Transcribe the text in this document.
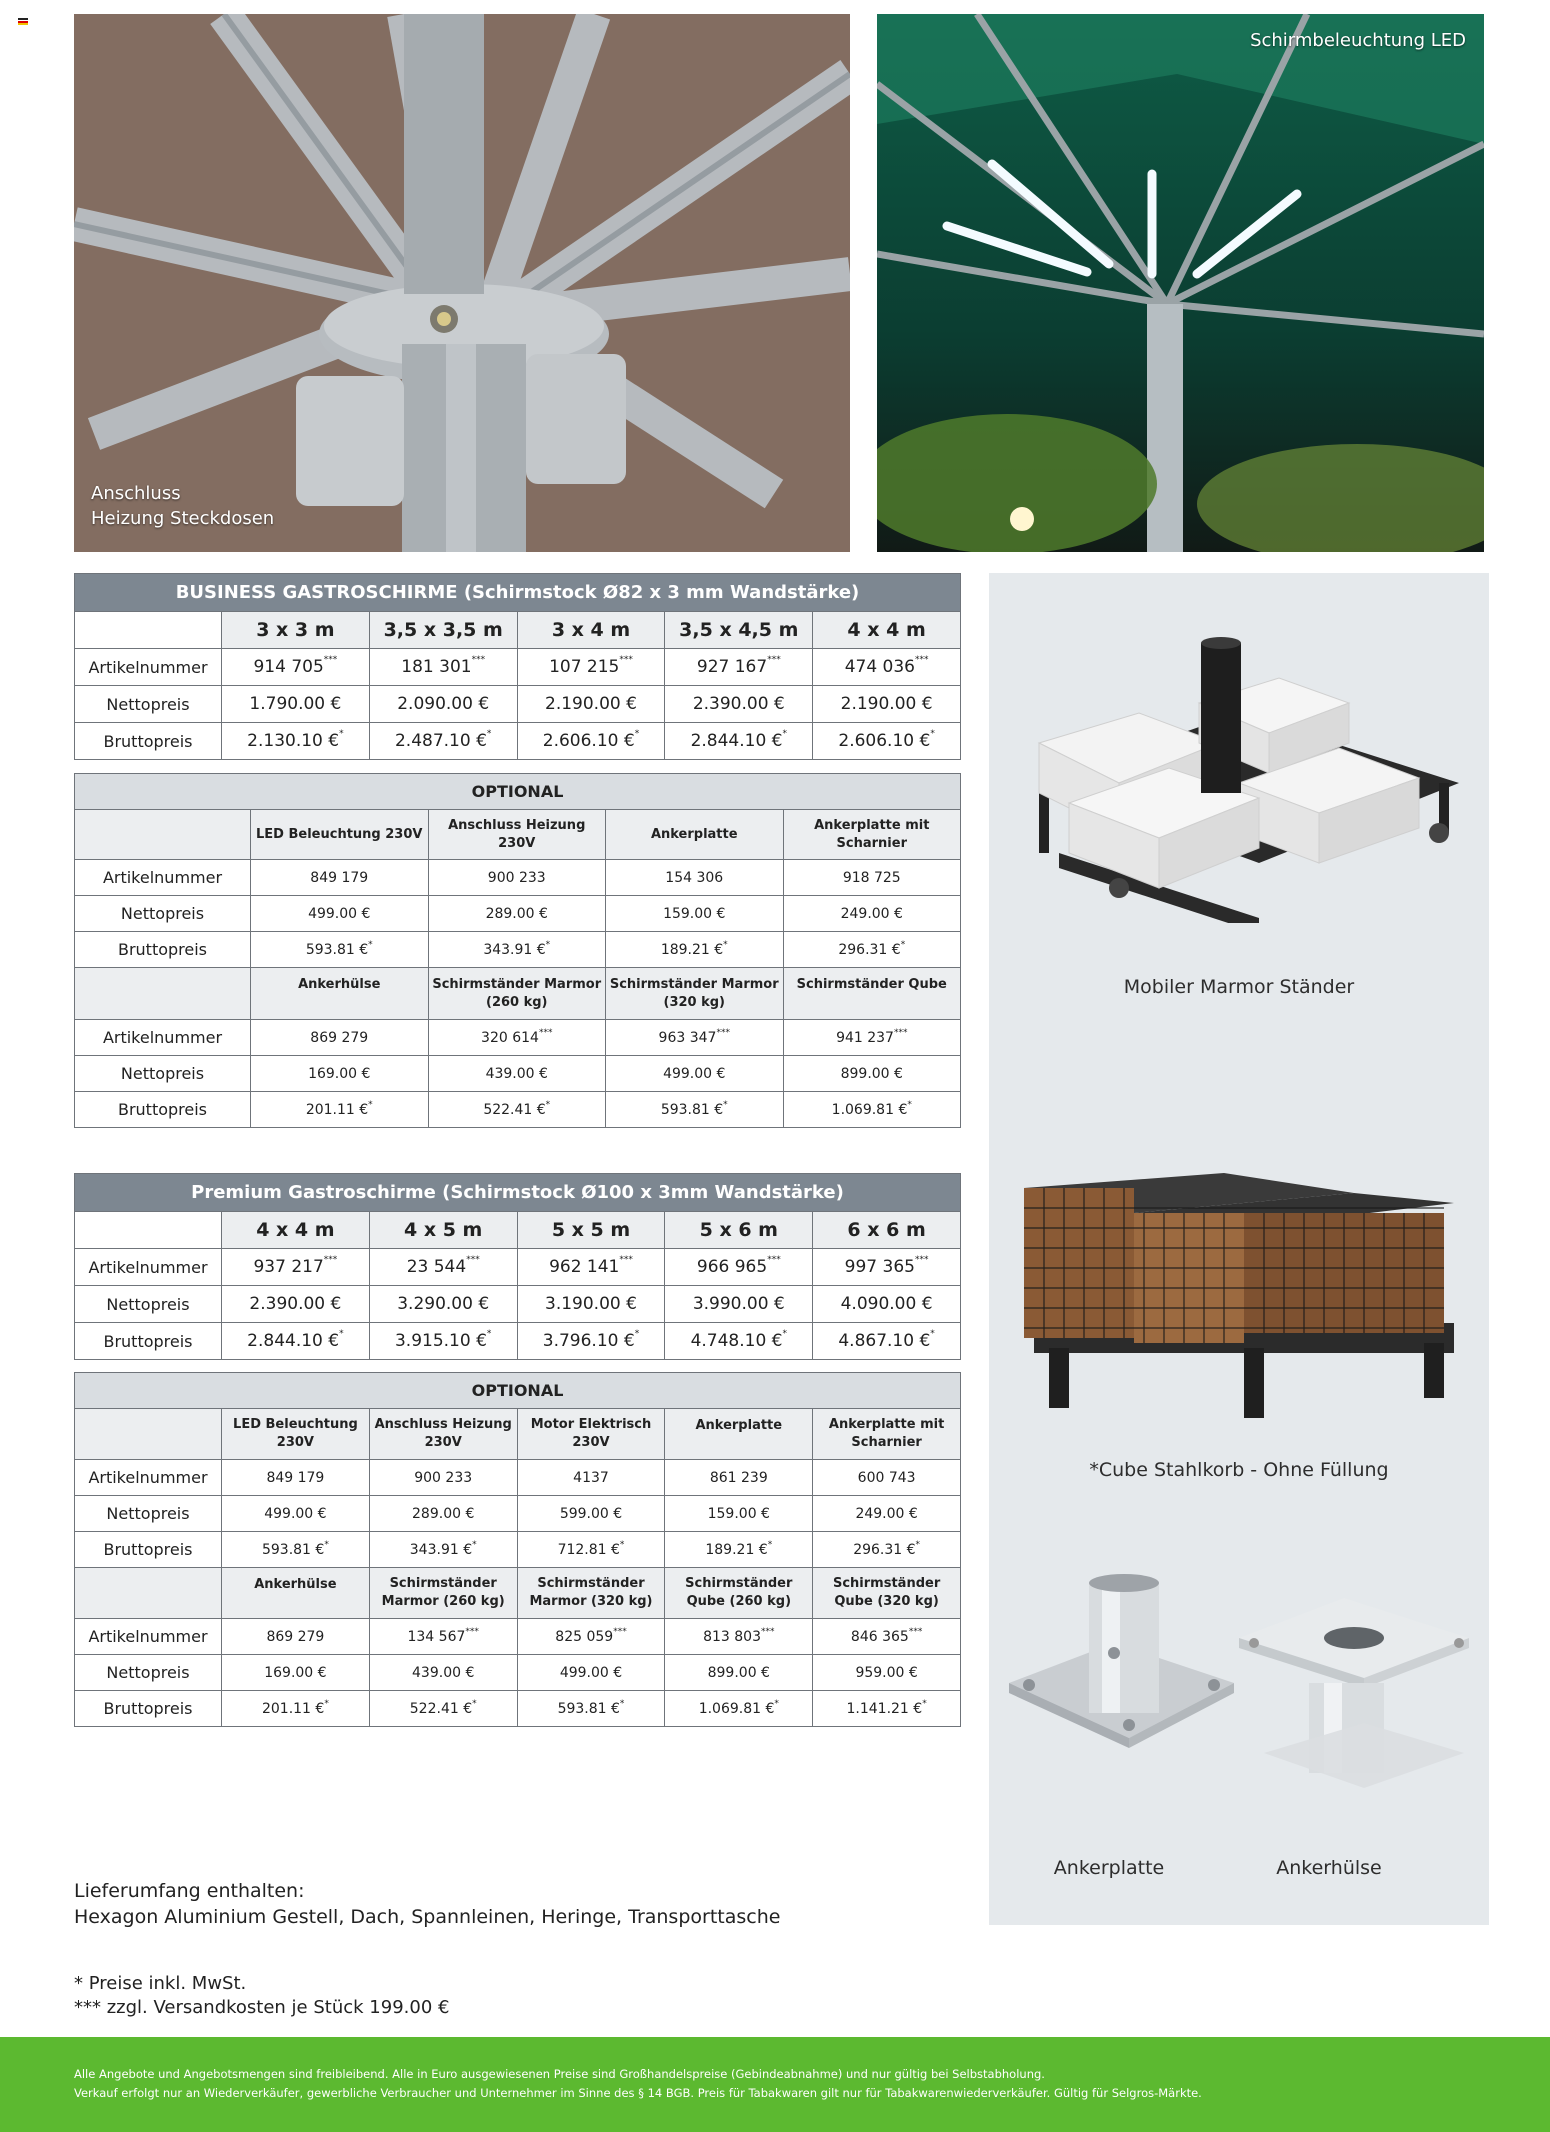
Anschluss
Heizung Steckdosen
Schirmbeleuchtung LED
BUSINESS GASTROSCHIRME (Schirmstock Ø82 x 3 mm Wandstärke)					
	3 x 3 m	3,5 x 3,5 m	3 x 4 m	3,5 x 4,5 m	4 x 4 m
Artikelnummer	914 705***	181 301***	107 215***	927 167***	474 036***
Nettopreis	1.790.00 €	2.090.00 €	2.190.00 €	2.390.00 €	2.190.00 €
Bruttopreis	2.130.10 €*	2.487.10 €*	2.606.10 €*	2.844.10 €*	2.606.10 €*
OPTIONAL				
	LED Beleuchtung 230V	Anschluss Heizung 230V	Ankerplatte	Ankerplatte mit Scharnier
Artikelnummer	849 179	900 233	154 306	918 725
Nettopreis	499.00 €	289.00 €	159.00 €	249.00 €
Bruttopreis	593.81 €*	343.91 €*	189.21 €*	296.31 €*
	Ankerhülse	Schirmständer Marmor (260 kg)	Schirmständer Marmor (320 kg)	Schirmständer Qube
Artikelnummer	869 279	320 614***	963 347***	941 237***
Nettopreis	169.00 €	439.00 €	499.00 €	899.00 €
Bruttopreis	201.11 €*	522.41 €*	593.81 €*	1.069.81 €*
Premium Gastroschirme (Schirmstock Ø100 x 3mm Wandstärke)					
	4 x 4 m	4 x 5 m	5 x 5 m	5 x 6 m	6 x 6 m
Artikelnummer	937 217***	23 544***	962 141***	966 965***	997 365***
Nettopreis	2.390.00 €	3.290.00 €	3.190.00 €	3.990.00 €	4.090.00 €
Bruttopreis	2.844.10 €*	3.915.10 €*	3.796.10 €*	4.748.10 €*	4.867.10 €*
OPTIONAL					
	LED Beleuchtung 230V	Anschluss Heizung 230V	Motor Elektrisch 230V	Ankerplatte	Ankerplatte mit Scharnier
Artikelnummer	849 179	900 233	4137	861 239	600 743
Nettopreis	499.00 €	289.00 €	599.00 €	159.00 €	249.00 €
Bruttopreis	593.81 €*	343.91 €*	712.81 €*	189.21 €*	296.31 €*
	Ankerhülse	Schirmständer Marmor (260 kg)	Schirmständer Marmor (320 kg)	Schirmständer Qube (260 kg)	Schirmständer Qube (320 kg)
Artikelnummer	869 279	134 567***	825 059***	813 803***	846 365***
Nettopreis	169.00 €	439.00 €	499.00 €	899.00 €	959.00 €
Bruttopreis	201.11 €*	522.41 €*	593.81 €*	1.069.81 €*	1.141.21 €*
Mobiler Marmor Ständer
*Cube Stahlkorb - Ohne Füllung
Ankerplatte	Ankerhülse
Lieferumfang enthalten:
Hexagon Aluminium Gestell, Dach, Spannleinen, Heringe, Transporttasche
* Preise inkl. MwSt.
*** zzgl. Versandkosten je Stück 199.00 €

Alle Angebote und Angebotsmengen sind freibleibend. Alle in Euro ausgewiesenen Preise sind Großhandelspreise (Gebindeabnahme) und nur gültig bei Selbstabholung.

Verkauf erfolgt nur an Wiederverkäufer, gewerbliche Verbraucher und Unternehmer im Sinne des § 14 BGB. Preis für Tabakwaren gilt nur für Tabakwarenwiederverkäufer. Gültig für Selgros-Märkte.
